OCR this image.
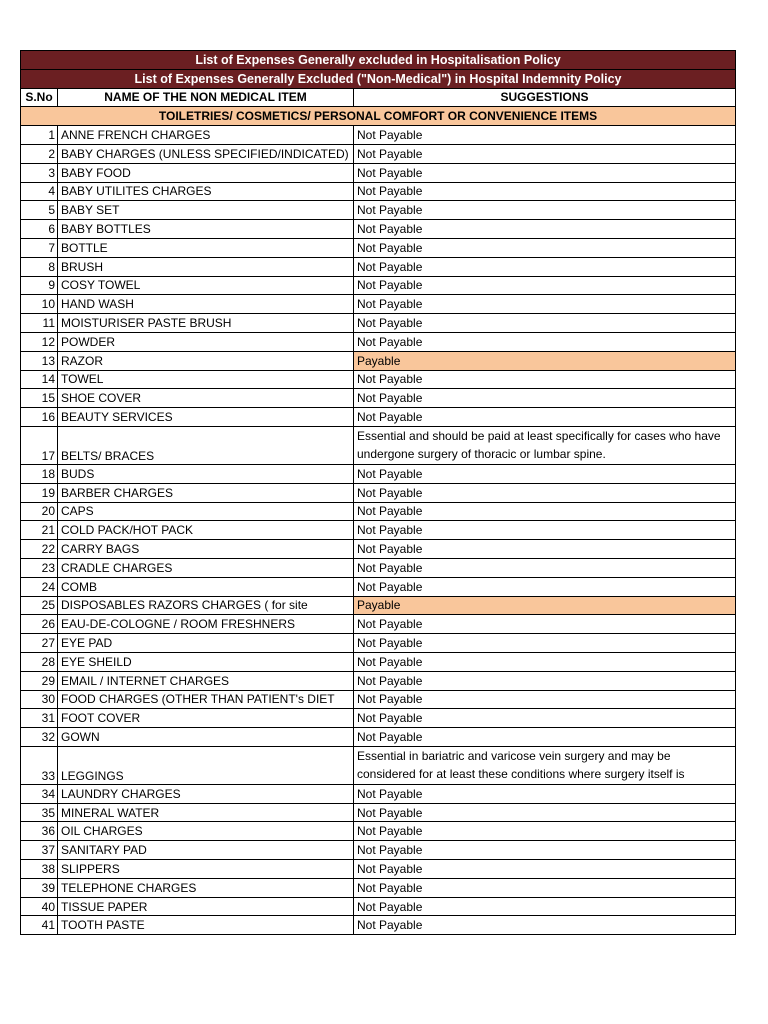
List of Expenses Generally excluded in Hospitalisation Policy		
List of Expenses Generally Excluded ("Non-Medical") in Hospital Indemnity Policy		
S.No	NAME OF THE NON MEDICAL ITEM	SUGGESTIONS
TOILETRIES/ COSMETICS/ PERSONAL COMFORT OR CONVENIENCE ITEMS		
1	ANNE FRENCH CHARGES	Not Payable
2	BABY CHARGES (UNLESS SPECIFIED/INDICATED)	Not Payable
3	BABY FOOD	Not Payable
4	BABY UTILITES CHARGES	Not Payable
5	BABY SET	Not Payable
6	BABY BOTTLES	Not Payable
7	BOTTLE	Not Payable
8	BRUSH	Not Payable
9	COSY TOWEL	Not Payable
10	HAND WASH	Not Payable
11	MOISTURISER PASTE BRUSH	Not Payable
12	POWDER	Not Payable
13	RAZOR	Payable
14	TOWEL	Not Payable
15	SHOE COVER	Not Payable
16	BEAUTY SERVICES	Not Payable
17	BELTS/ BRACES	Essential and should be paid at least specifically for cases who have undergone surgery of thoracic or lumbar spine.
18	BUDS	Not Payable
19	BARBER CHARGES	Not Payable
20	CAPS	Not Payable
21	COLD PACK/HOT PACK	Not Payable
22	CARRY BAGS	Not Payable
23	CRADLE CHARGES	Not Payable
24	COMB	Not Payable
25	DISPOSABLES RAZORS CHARGES ( for site	Payable
26	EAU-DE-COLOGNE / ROOM FRESHNERS	Not Payable
27	EYE PAD	Not Payable
28	EYE SHEILD	Not Payable
29	EMAIL / INTERNET CHARGES	Not Payable
30	FOOD CHARGES (OTHER THAN PATIENT's DIET	Not Payable
31	FOOT COVER	Not Payable
32	GOWN	Not Payable
33	LEGGINGS	Essential in bariatric and varicose vein surgery and may be considered for at least these conditions where surgery itself is
34	LAUNDRY CHARGES	Not Payable
35	MINERAL WATER	Not Payable
36	OIL CHARGES	Not Payable
37	SANITARY PAD	Not Payable
38	SLIPPERS	Not Payable
39	TELEPHONE CHARGES	Not Payable
40	TISSUE PAPER	Not Payable
41	TOOTH PASTE	Not Payable
